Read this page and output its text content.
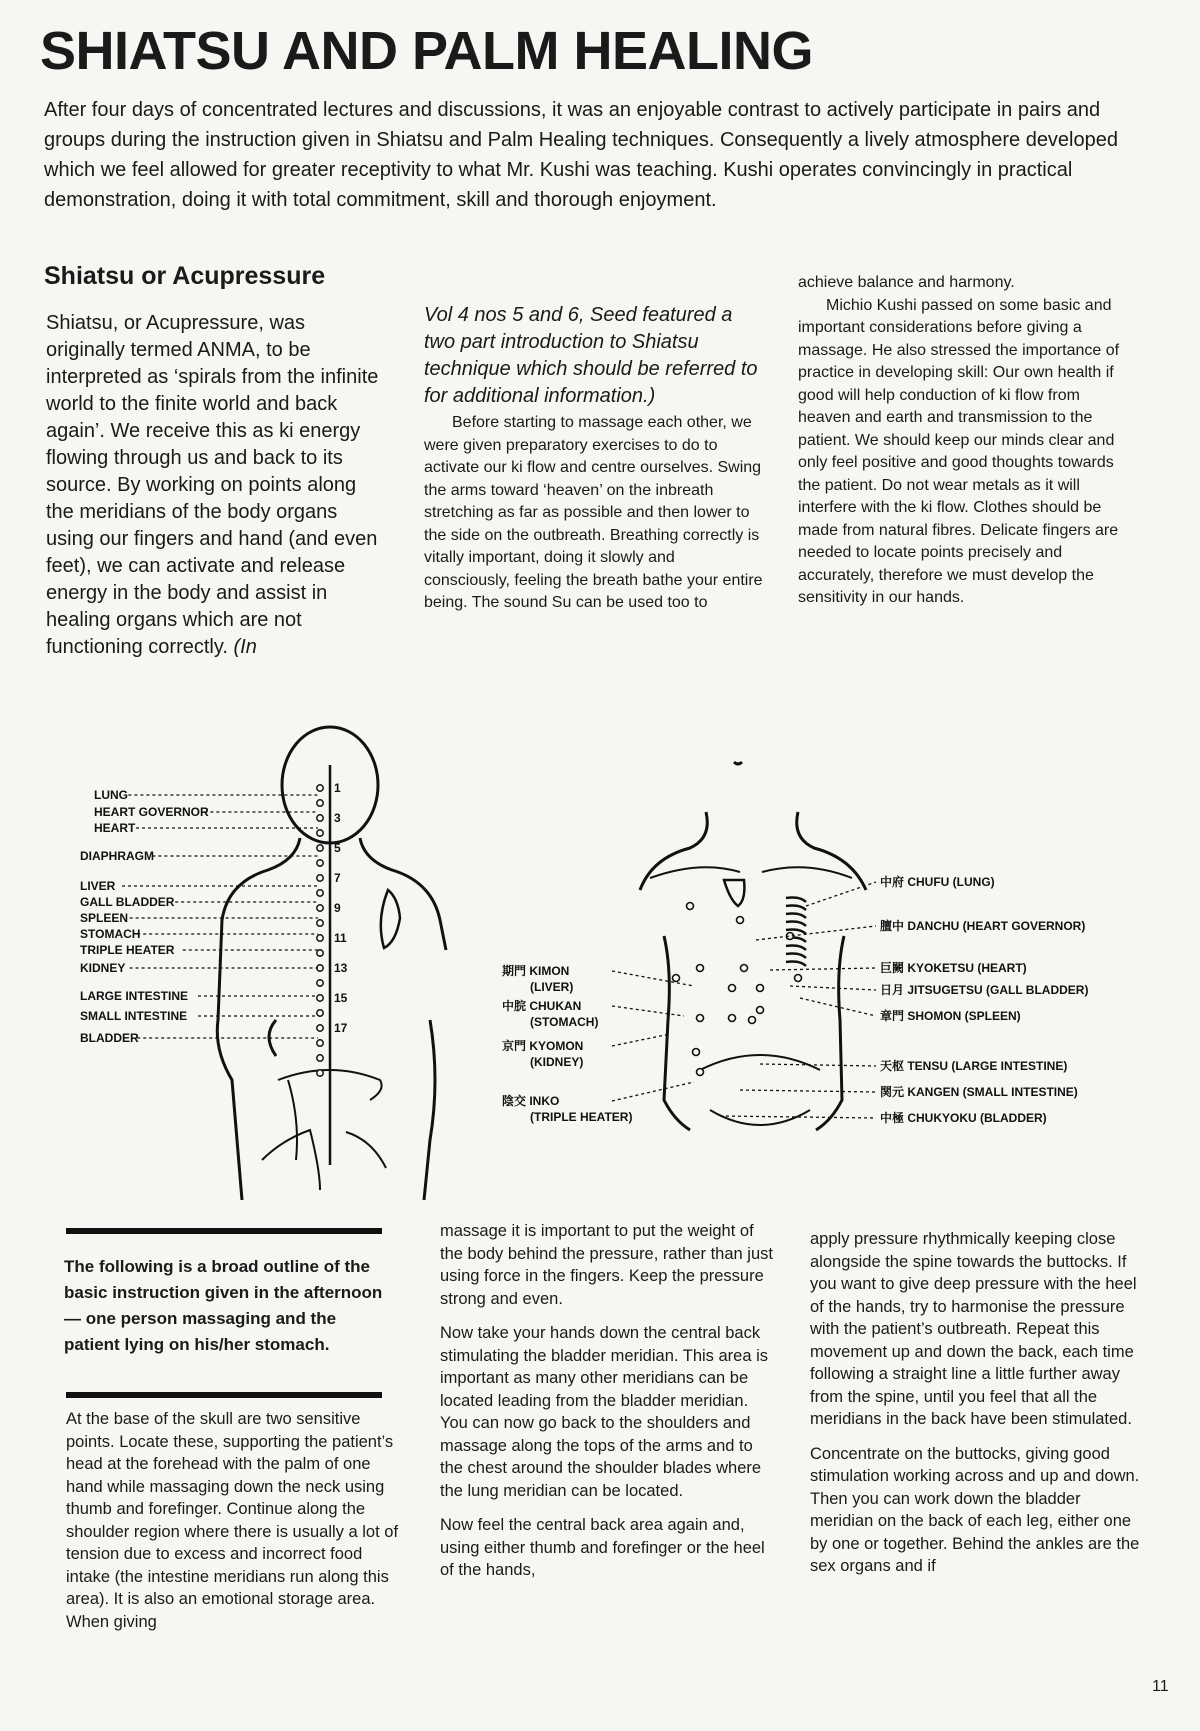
SHIATSU AND PALM HEALING

After four days of concentrated lectures and discussions, it was an enjoyable contrast to actively participate in pairs and groups during the instruction given in Shiatsu and Palm Healing techniques. Consequently a lively atmosphere developed which we feel allowed for greater receptivity to what Mr. Kushi was teaching. Kushi operates convincingly in practical demonstration, doing it with total commitment, skill and thorough enjoyment.

Shiatsu or Acupressure

Shiatsu, or Acupressure, was originally termed ANMA, to be interpreted as ‘spirals from the infinite world to the finite world and back again’. We receive this as ki energy flowing through us and back to its source. By working on points along the meridians of the body organs using our fingers and hand (and even feet), we can activate and release energy in the body and assist in healing organs which are not functioning correctly. (In

Vol 4 nos 5 and 6, Seed featured a two part introduction to Shiatsu technique which should be referred to for additional information.)

Before starting to massage each other, we were given preparatory exercises to do to activate our ki flow and centre ourselves. Swing the arms toward ‘heaven’ on the inbreath stretching as far as possible and then lower to the side on the outbreath. Breathing correctly is vitally important, doing it slowly and consciously, feeling the breath bathe your entire being. The sound Su can be used too to

achieve balance and harmony.

Michio Kushi passed on some basic and important considerations before giving a massage. He also stressed the importance of practice in developing skill: Our own health if good will help conduction of ki flow from heaven and earth and transmission to the patient. We should keep our minds clear and only feel positive and good thoughts towards the patient. Do not wear metals as it will interfere with the ki flow. Clothes should be made from natural fibres. Delicate fingers are needed to locate points precisely and accurately, therefore we must develop the sensitivity in our hands.

1
3
5
7
9
11
13
15
17
LUNG
HEART GOVERNOR
HEART
DIAPHRAGM
LIVER
GALL BLADDER
SPLEEN
STOMACH
TRIPLE HEATER
KIDNEY
LARGE INTESTINE
SMALL INTESTINE
BLADDER
期門 KIMON
(LIVER)
中脘 CHUKAN
(STOMACH)
京門 KYOMON
(KIDNEY)
陰交 INKO
(TRIPLE HEATER)
中府 CHUFU (LUNG)
膻中 DANCHU (HEART GOVERNOR)
巨闕 KYOKETSU (HEART)
日月 JITSUGETSU (GALL BLADDER)
章門 SHOMON (SPLEEN)
天枢 TENSU (LARGE INTESTINE)
関元 KANGEN (SMALL INTESTINE)
中極 CHUKYOKU (BLADDER)

The following is a broad outline of the basic instruction given in the afternoon — one person massaging and the patient lying on his/her stomach.

At the base of the skull are two sensitive points. Locate these, supporting the patient’s head at the forehead with the palm of one hand while massaging down the neck using thumb and forefinger. Continue along the shoulder region where there is usually a lot of tension due to excess and incorrect food intake (the intestine meridians run along this area). It is also an emotional storage area. When giving

massage it is important to put the weight of the body behind the pressure, rather than just using force in the fingers. Keep the pressure strong and even.

Now take your hands down the central back stimulating the bladder meridian. This area is important as many other meridians can be located leading from the bladder meridian. You can now go back to the shoulders and massage along the tops of the arms and to the chest around the shoulder blades where the lung meridian can be located.

Now feel the central back area again and, using either thumb and forefinger or the heel of the hands,

apply pressure rhythmically keeping close alongside the spine towards the buttocks. If you want to give deep pressure with the heel of the hands, try to harmonise the pressure with the patient’s outbreath. Repeat this movement up and down the back, each time following a straight line a little further away from the spine, until you feel that all the meridians in the back have been stimulated.

Concentrate on the buttocks, giving good stimulation working across and up and down. Then you can work down the bladder meridian on the back of each leg, either one by one or together. Behind the ankles are the sex organs and if

11
